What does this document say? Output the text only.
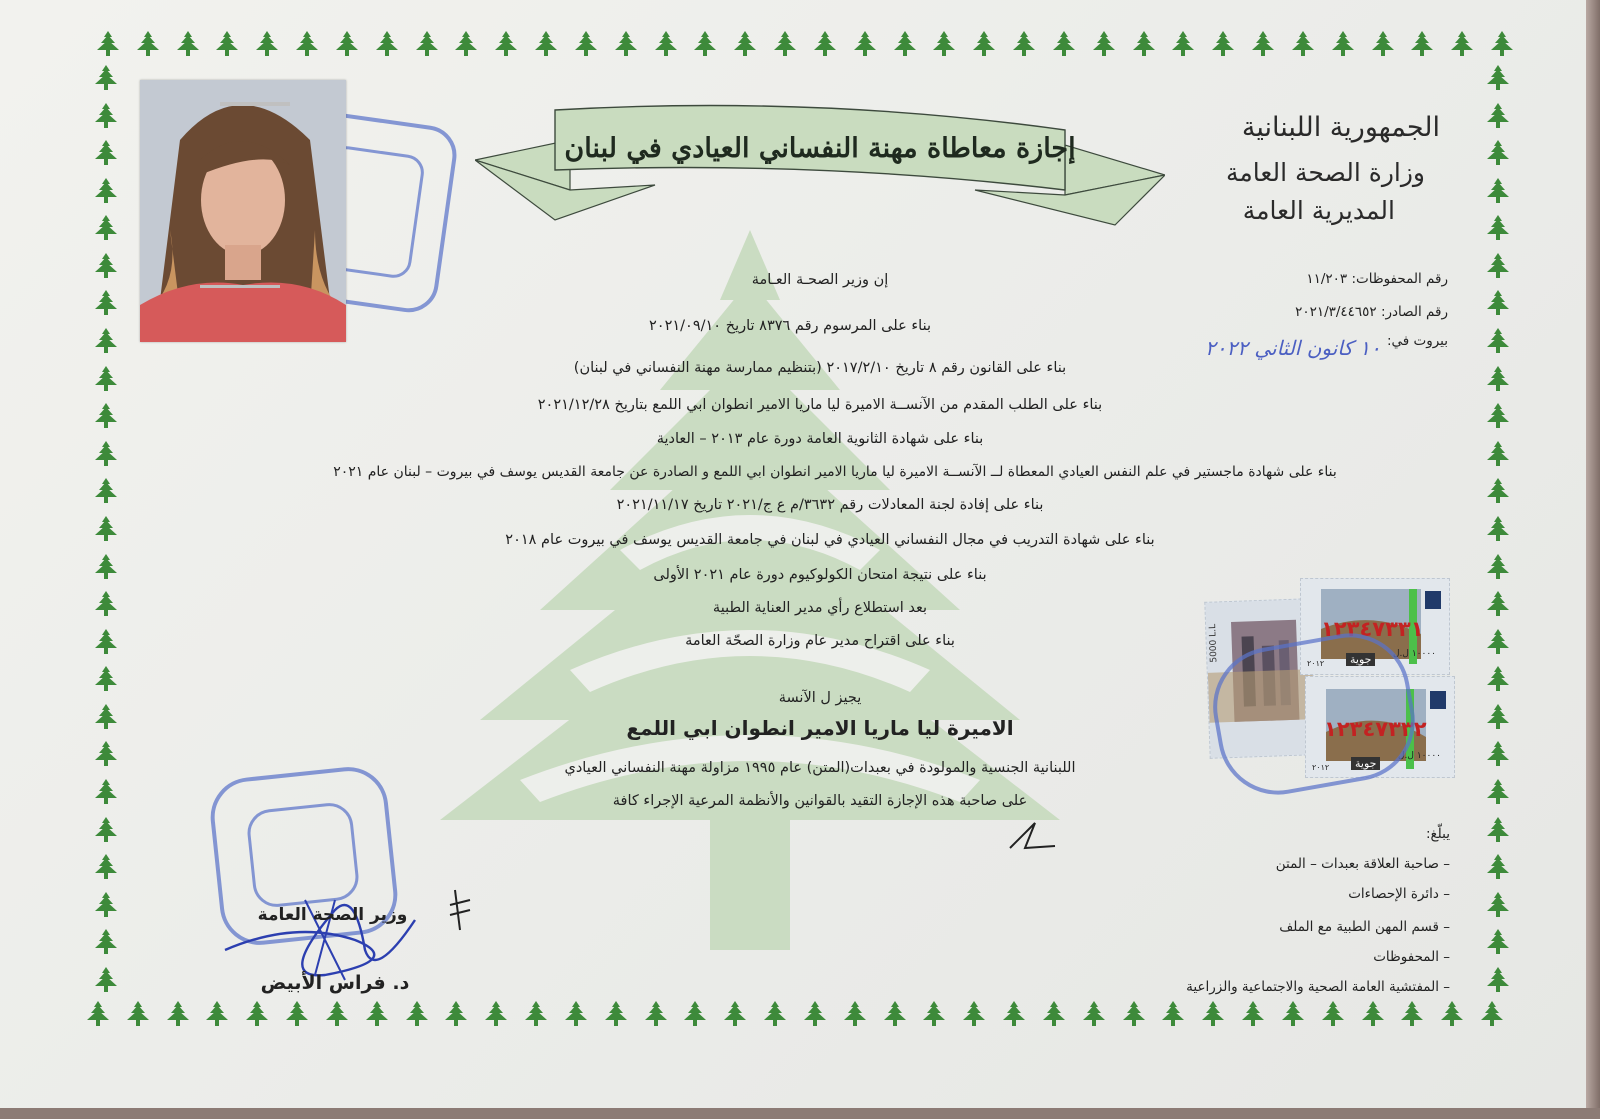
إجازة معاطاة مهنة النفساني العيادي في لبنان
الجمهورية اللبنانية
وزارة الصحة العامة
المديرية العامة
رقم المحفوظات: ١١/٢٠٣
رقم الصادر: ٢٠٢١/٣/٤٤٦٥٢
بيروت في:
١٠ كانون الثاني ٢٠٢٢
إن وزير الصحـة العـامة
بناء على المرسوم رقم ٨٣٧٦ تاريخ ٢٠٢١/٠٩/١٠
بناء على القانون رقم ٨ تاريخ ٢٠١٧/٢/١٠ (بتنظيم ممارسة مهنة النفساني في لبنان)
بناء على الطلب المقدم من الآنســة الاميرة ليا ماريا الامير انطوان ابي اللمع بتاريخ ٢٠٢١/١٢/٢٨
بناء على شهادة الثانوية العامة دورة عام ٢٠١٣ – العادية
بناء على شهادة ماجستير في علم النفس العيادي المعطاة لــ الآنســة الاميرة ليا ماريا الامير انطوان ابي اللمع و الصادرة عن جامعة القديس يوسف في بيروت – لبنان عام ٢٠٢١
بناء على إفادة لجنة المعادلات رقم ٣٦٣٢/م ع ج/٢٠٢١ تاريخ ٢٠٢١/١١/١٧
بناء على شهادة التدريب في مجال النفساني العيادي في لبنان في جامعة القديس يوسف في بيروت عام ٢٠١٨
بناء على نتيجة امتحان الكولوكيوم دورة عام ٢٠٢١ الأولى
بعد استطلاع رأي مدير العناية الطبية
بناء على اقتراح مدير عام وزارة الصحّة العامة
يجيز ل الآنسة
الاميرة ليا ماريا الامير انطوان ابي اللمع
اللبنانية الجنسية والمولودة في بعبدات(المتن) عام ١٩٩٥ مزاولة مهنة النفساني العيادي
على صاحبة هذه الإجازة التقيد بالقوانين والأنظمة المرعية الإجراء كافة
5000 L.L	١٢٣٤٧٣٣١
جوية	١٠٠٠٠ ل.ل
٢٠١٢
١٢٣٤٧٣٣٢
جوية
١٠٠٠٠ ل.ل
٢٠١٢
وزير الصحة العامة
د. فراس الأبيض
يبلّغ:
– صاحبة العلاقة بعبدات – المتن
– دائرة الإحصاءات
– قسم المهن الطبية مع الملف
– المحفوظات
– المفتشية العامة الصحية والاجتماعية والزراعية
